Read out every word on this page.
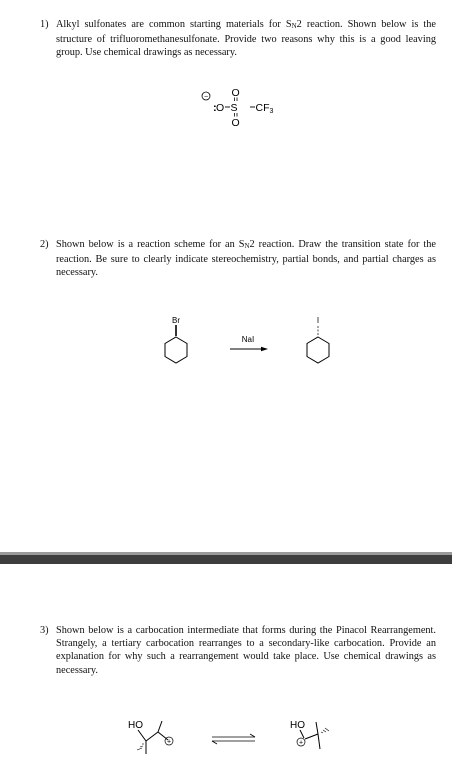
1) Alkyl sulfonates are common starting materials for SN2 reaction. Shown below is the structure of trifluoromethanesulfonate. Provide two reasons why this is a good leaving group. Use chemical drawings as necessary.
−
: O S CF3
O
O
2) Shown below is a reaction scheme for an SN2 reaction. Draw the transition state for the reaction. Be sure to clearly indicate stereochemistry, partial bonds, and partial charges as necessary.
Br
NaI
I
3) Shown below is a carbocation intermediate that forms during the Pinacol Rearrangement. Strangely, a tertiary carbocation rearranges to a secondary-like carbocation. Provide an explanation for why such a rearrangement would take place. Use chemical drawings as necessary.
HO
+
HO
+
